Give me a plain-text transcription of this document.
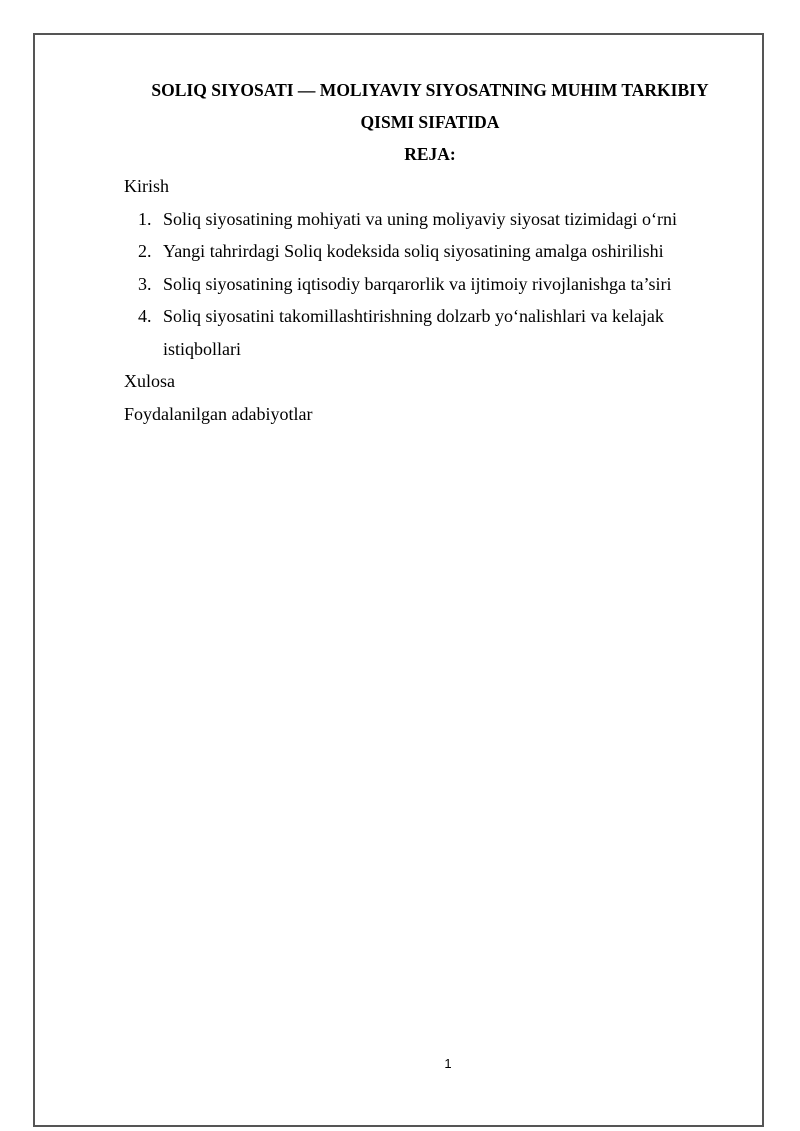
SOLIQ SIYOSATI — MOLIYAVIY SIYOSATNING MUHIM TARKIBIY
QISMI SIFATIDA
REJA:
Kirish
1. Soliq siyosatining mohiyati va uning moliyaviy siyosat tizimidagi o‘rni
2. Yangi tahrirdagi Soliq kodeksida soliq siyosatining amalga oshirilishi
3. Soliq siyosatining iqtisodiy barqarorlik va ijtimoiy rivojlanishga ta’siri
4. Soliq siyosatini takomillashtirishning dolzarb yo‘nalishlari va kelajak
istiqbollari
Xulosa
Foydalanilgan adabiyotlar
1
